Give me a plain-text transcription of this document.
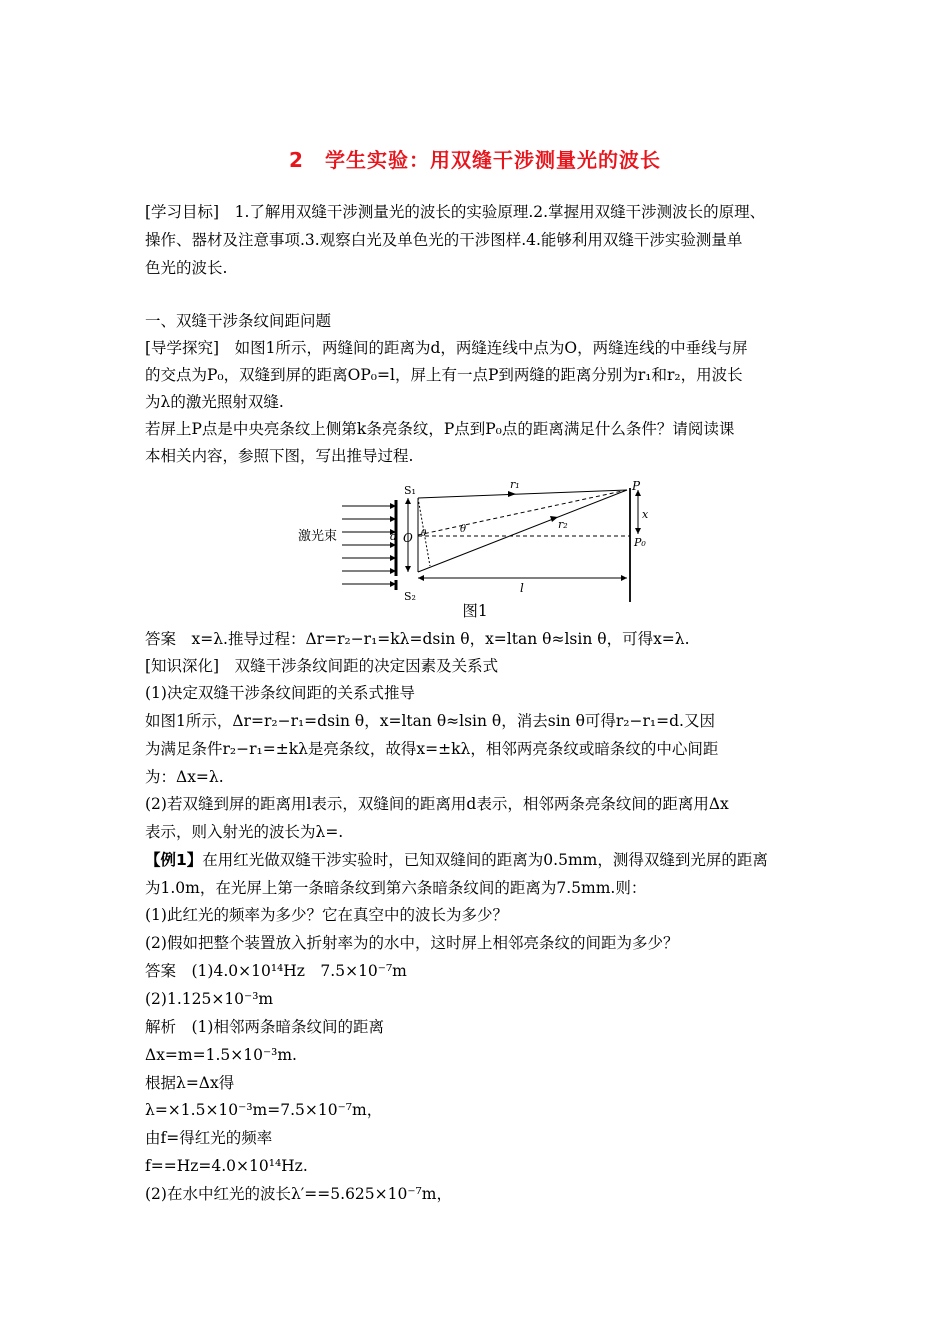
2　学生实验：用双缝干涉测量光的波长
[学习目标]　1.了解用双缝干涉测量光的波长的实验原理.2.掌握用双缝干涉测波长的原理、
操作、器材及注意事项.3.观察白光及单色光的干涉图样.4.能够利用双缝干涉实验测量单
色光的波长.
一、双缝干涉条纹间距问题
[导学探究]　如图1所示，两缝间的距离为d，两缝连线中点为O，两缝连线的中垂线与屏
的交点为P₀，双缝到屏的距离OP₀=l，屏上有一点P到两缝的距离分别为r₁和r₂，用波长
为λ的激光照射双缝.
若屏上P点是中央亮条纹上侧第k条亮条纹，P点到P₀点的距离满足什么条件？请阅读课
本相关内容，参照下图，写出推导过程.
激光束
S₁
S₂
O
d
P
P₀
x
r₁
r₂
l
θ	θ
图1
答案　x=λ.推导过程：Δr=r₂−r₁=kλ=dsin θ，x=ltan θ≈lsin θ，可得x=λ.
[知识深化]　双缝干涉条纹间距的决定因素及关系式
(1)决定双缝干涉条纹间距的关系式推导
如图1所示，Δr=r₂−r₁=dsin θ，x=ltan θ≈lsin θ，消去sin θ可得r₂−r₁=d.又因
为满足条件r₂−r₁=±kλ是亮条纹，故得x=±kλ，相邻两亮条纹或暗条纹的中心间距
为：Δx=λ.
(2)若双缝到屏的距离用l表示，双缝间的距离用d表示，相邻两条亮条纹间的距离用Δx
表示，则入射光的波长为λ=.
【例1】在用红光做双缝干涉实验时，已知双缝间的距离为0.5mm，测得双缝到光屏的距离
为1.0m，在光屏上第一条暗条纹到第六条暗条纹间的距离为7.5mm.则：
(1)此红光的频率为多少？它在真空中的波长为多少？
(2)假如把整个装置放入折射率为的水中，这时屏上相邻亮条纹的间距为多少？
答案　(1)4.0×10¹⁴Hz　7.5×10⁻⁷m
(2)1.125×10⁻³m
解析　(1)相邻两条暗条纹间的距离
Δx=m=1.5×10⁻³m.
根据λ=Δx得
λ=×1.5×10⁻³m=7.5×10⁻⁷m，
由f=得红光的频率
f==Hz=4.0×10¹⁴Hz.
(2)在水中红光的波长λ′==5.625×10⁻⁷m，
